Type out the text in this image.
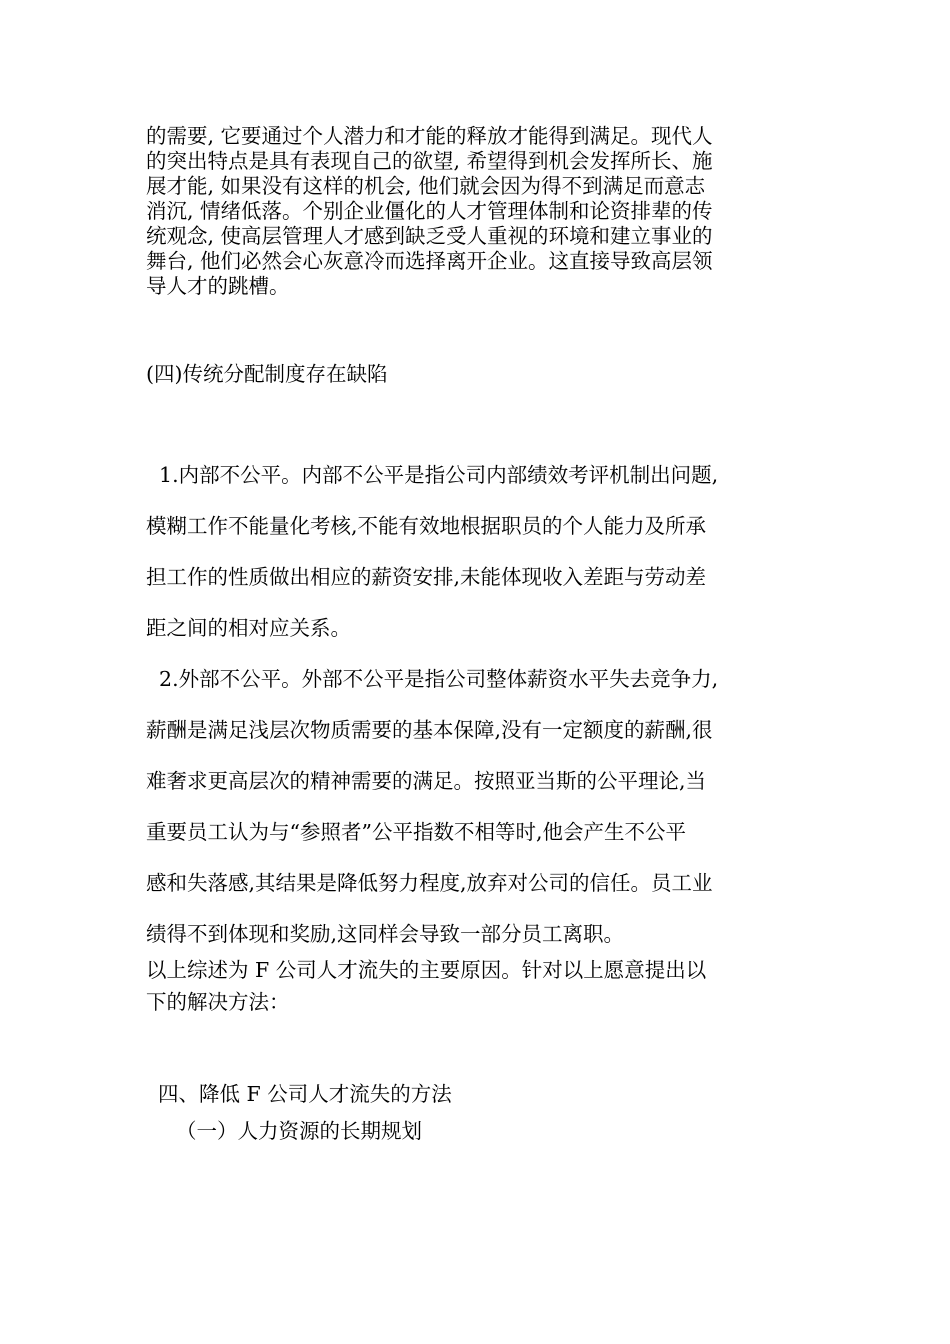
的需要, 它要通过个人潜力和才能的释放才能得到满足。现代人

的突出特点是具有表现自己的欲望, 希望得到机会发挥所长、施

展才能, 如果没有这样的机会, 他们就会因为得不到满足而意志

消沉, 情绪低落。个别企业僵化的人才管理体制和论资排辈的传

统观念, 使高层管理人才感到缺乏受人重视的环境和建立事业的

舞台, 他们必然会心灰意冷而选择离开企业。这直接导致高层领

导人才的跳槽。

(四)传统分配制度存在缺陷

1.内部不公平。内部不公平是指公司内部绩效考评机制出问题,

模糊工作不能量化考核,不能有效地根据职员的个人能力及所承

担工作的性质做出相应的薪资安排,未能体现收入差距与劳动差

距之间的相对应关系。

2.外部不公平。外部不公平是指公司整体薪资水平失去竞争力,

薪酬是满足浅层次物质需要的基本保障,没有一定额度的薪酬,很

难奢求更高层次的精神需要的满足。按照亚当斯的公平理论,当

重要员工认为与“参照者”公平指数不相等时,他会产生不公平

感和失落感,其结果是降低努力程度,放弃对公司的信任。员工业

绩得不到体现和奖励,这同样会导致一部分员工离职。

以上综述为 F 公司人才流失的主要原因。针对以上愿意提出以

下的解决方法：

四、降低 F 公司人才流失的方法
（一）人力资源的长期规划
